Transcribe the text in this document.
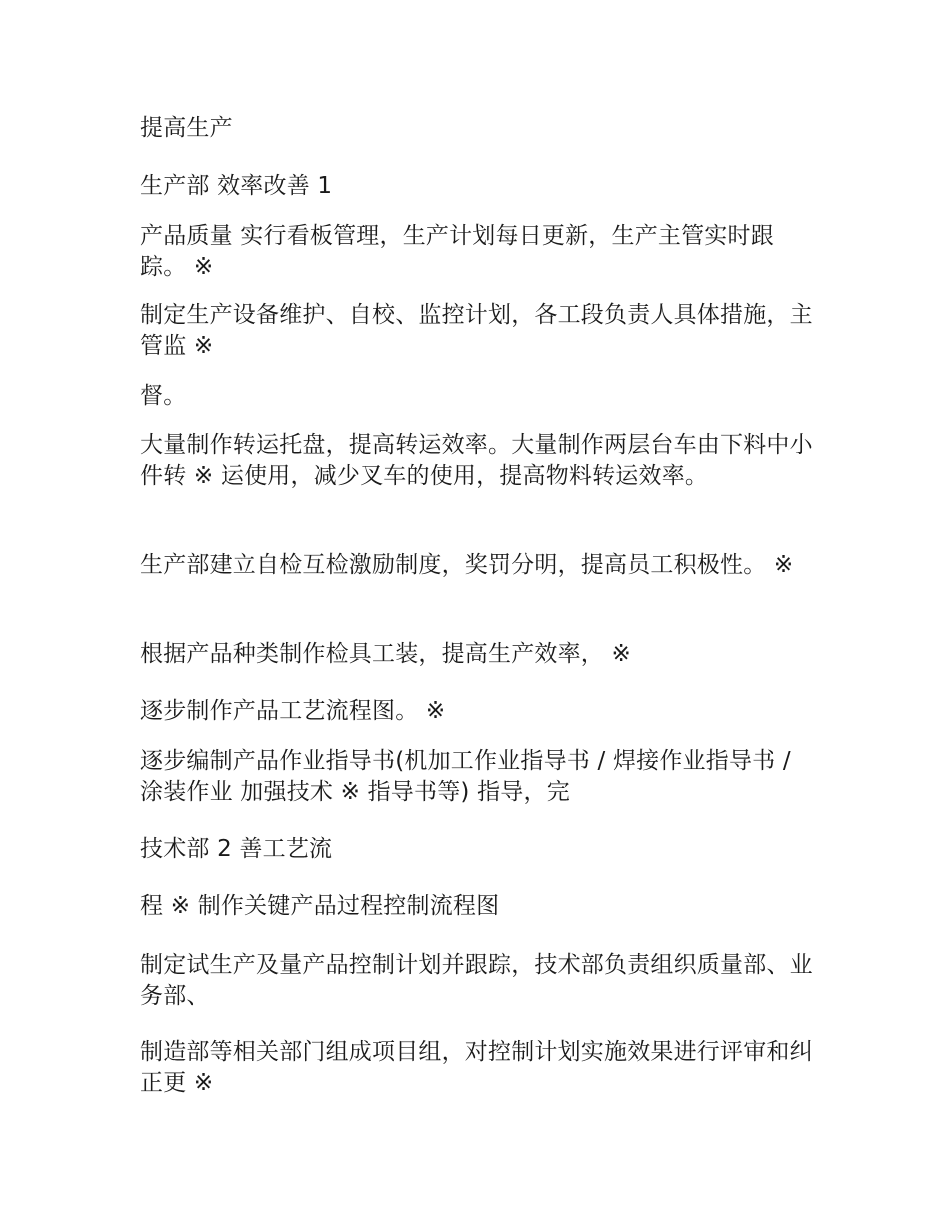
提高生产

生产部 效率改善 1

产品质量 实行看板管理，生产计划每日更新，生产主管实时跟踪。 ※

制定生产设备维护、自校、监控计划，各工段负责人具体措施，主管监 ※

督。

大量制作转运托盘，提高转运效率。大量制作两层台车由下料中小件转 ※ 运使用，减少叉车的使用，提高物料转运效率。

生产部建立自检互检激励制度，奖罚分明，提高员工积极性。 ※

根据产品种类制作检具工装，提高生产效率， ※

逐步制作产品工艺流程图。 ※

逐步编制产品作业指导书(机加工作业指导书 / 焊接作业指导书 / 涂装作业 加强技术 ※ 指导书等) 指导，完

技术部 2 善工艺流

程 ※ 制作关键产品过程控制流程图

制定试生产及量产品控制计划并跟踪，技术部负责组织质量部、业务部、

制造部等相关部门组成项目组，对控制计划实施效果进行评审和纠正更 ※
